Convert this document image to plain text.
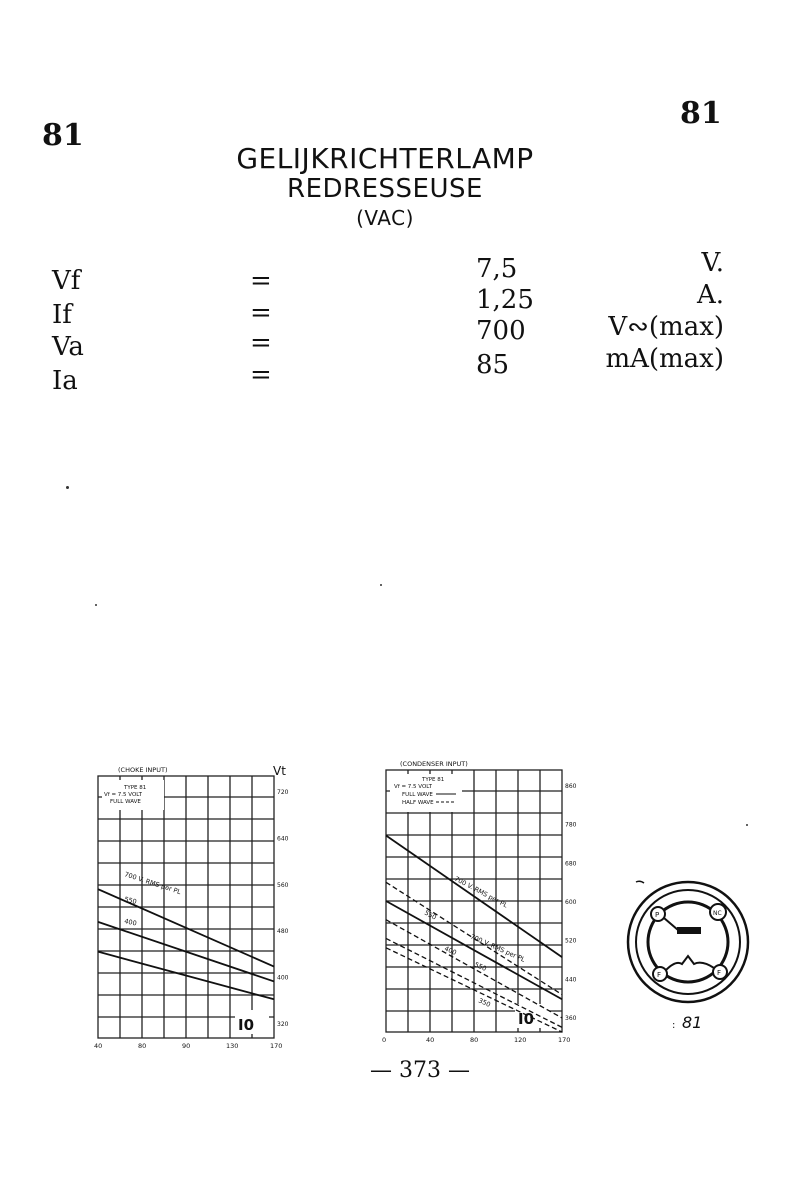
81
81
GELIJKRICHTERLAMP
REDRESSEUSE
(VAC)
Vf	=	7,5	V.
If	=	1,25	A.
Va	=	700	V∾(max)
Ia	=	85	mA(max)
(CHOKE INPUT)
TYPE 81
Vf = 7.5 VOLT
FULL WAVE
Vt
I0
40	80	90	130	170
720
640
560
480
400
320
700 V. RMS per PL
550
400
(CONDENSER INPUT)
TYPE 81
Vf = 7.5 VOLT
FULL WAVE
HALF WAVE
I0
0	40	80	120	170
860
780
680
600
520
440
360
700 V. RMS per PL
550
700 V. RMS per PL
550
400
350
P	NC
F	F
81
:
— 373 —
